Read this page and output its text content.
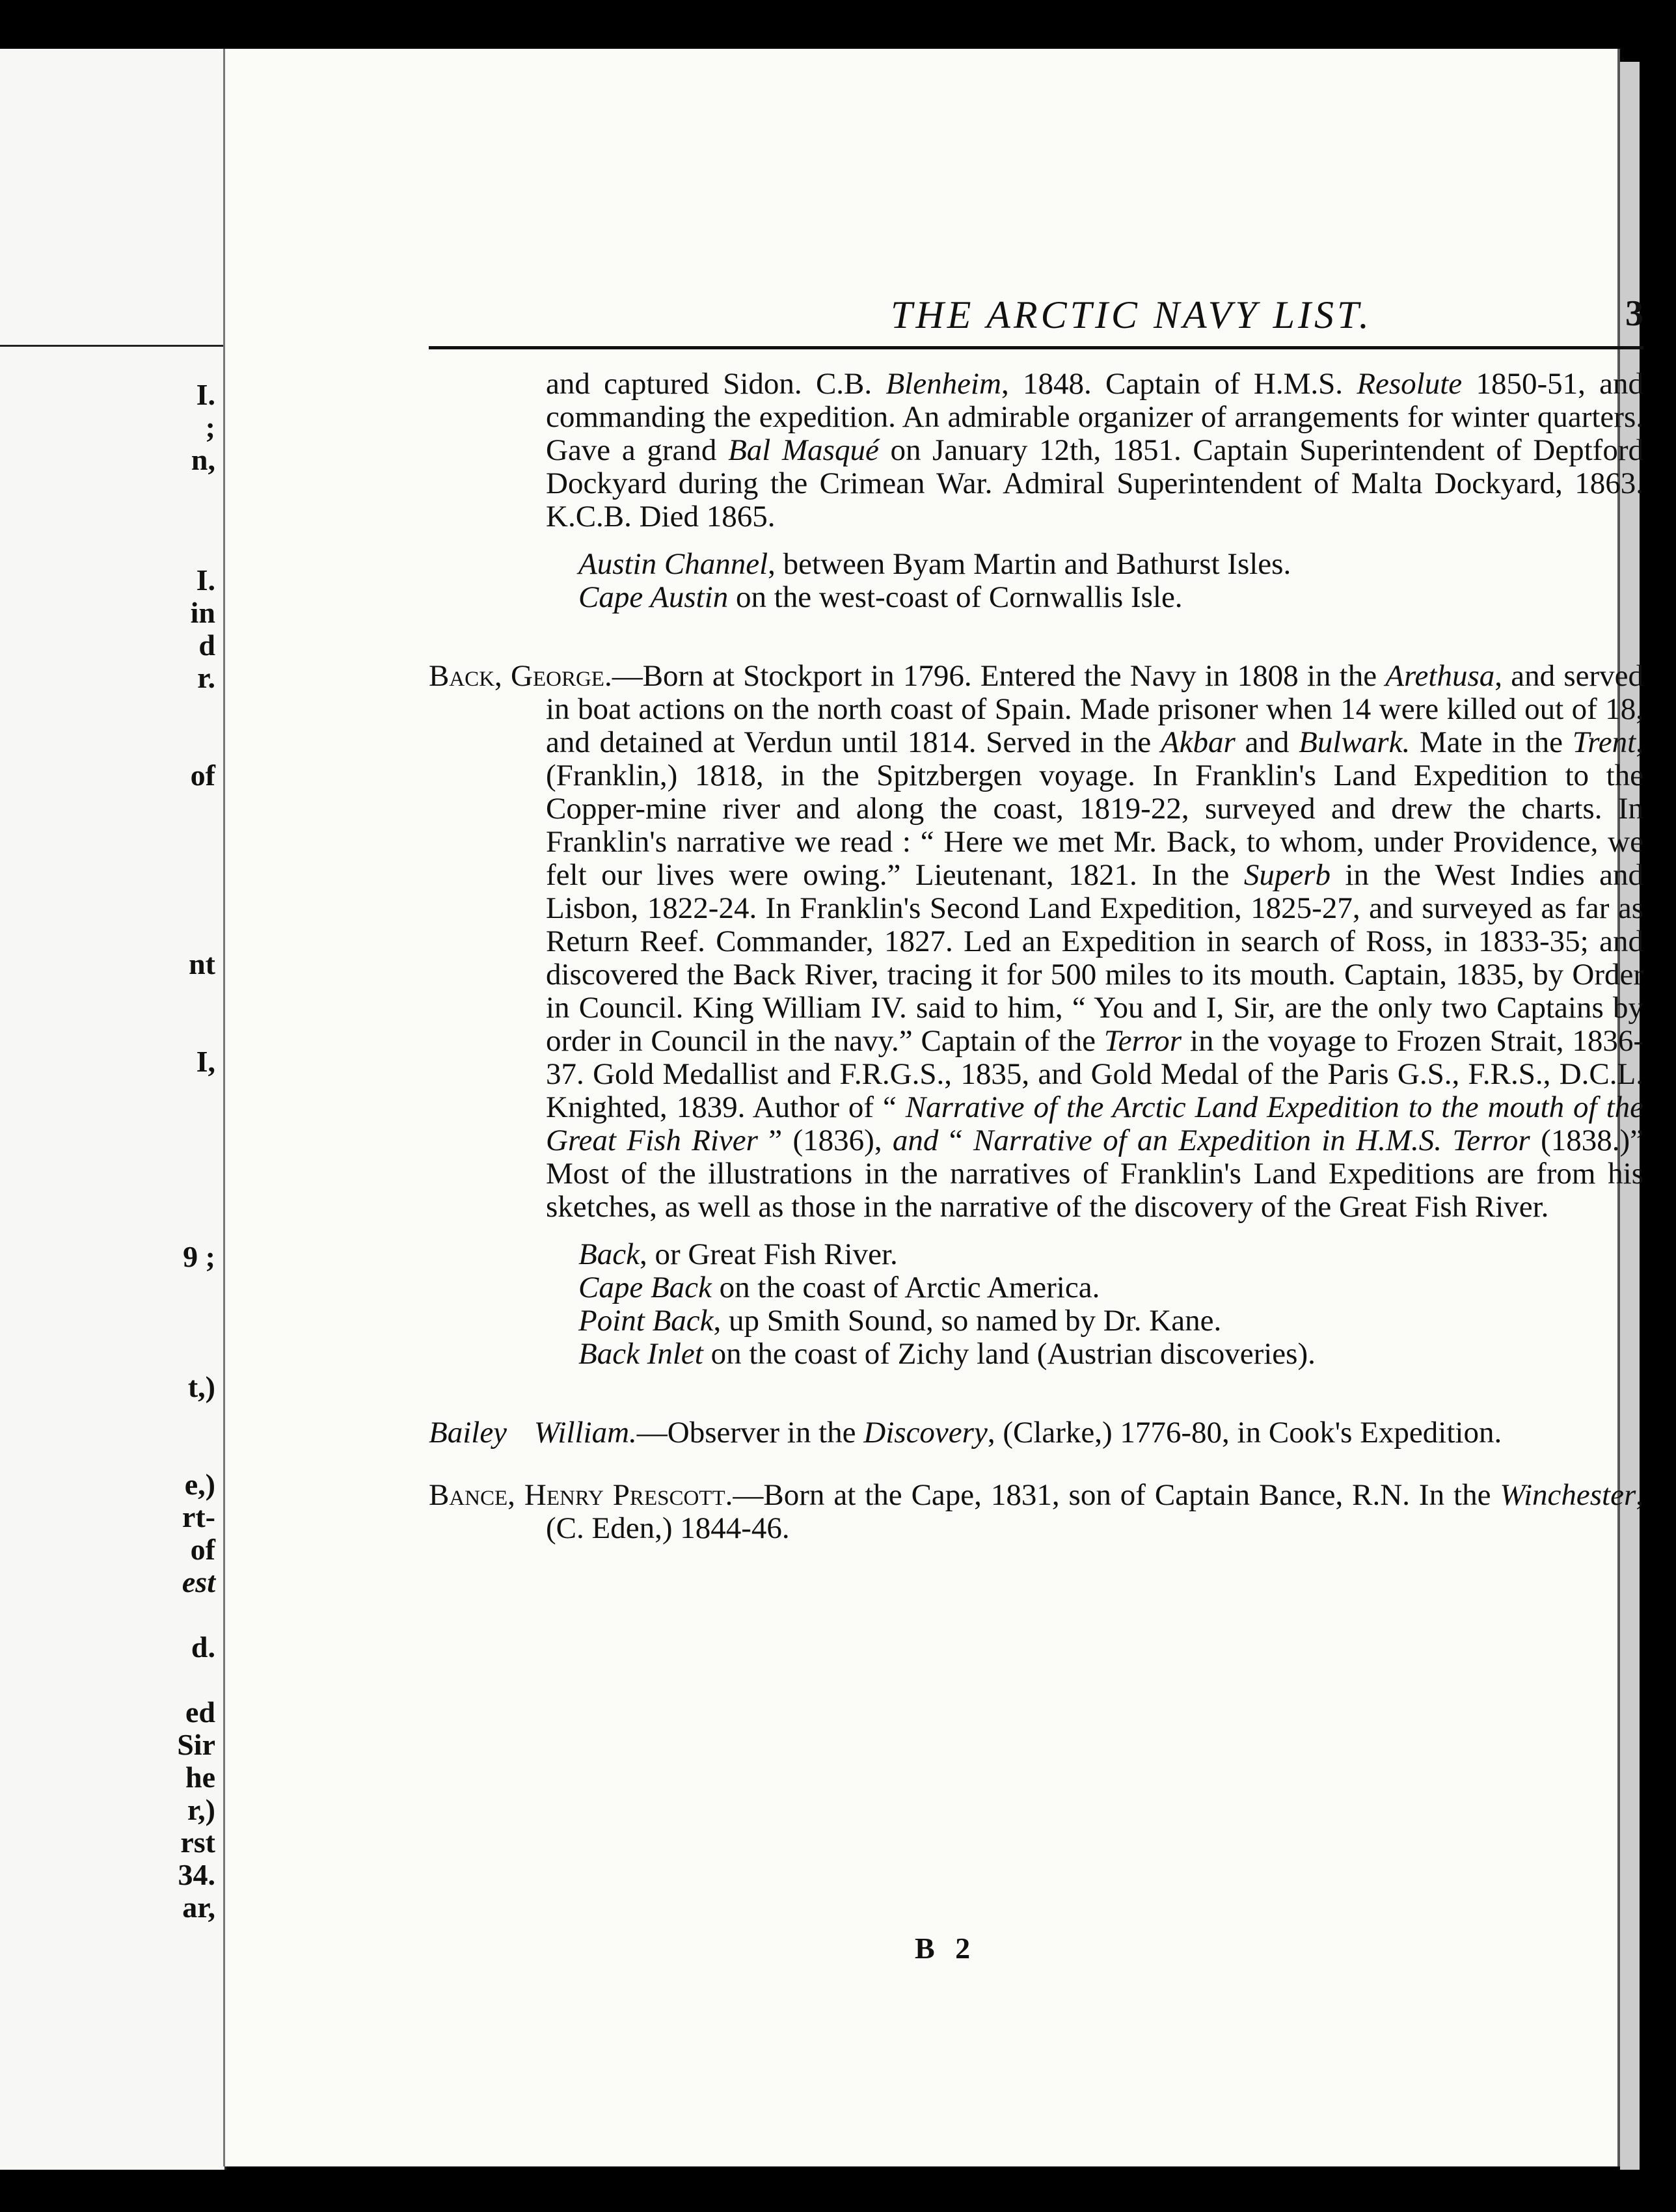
I.
;
n,
I.
in
d
r.
of
nt
I,
9 ;
t,)
e,)
rt-
of
est
d.
ed
Sir
he
r,)
rst
34.
ar,
THE ARCTIC NAVY LIST.	3

and captured Sidon. C.B. Blenheim, 1848. Captain of H.M.S. Resolute 1850-51, and commanding the expedition. An admirable organizer of arrangements for winter quarters. Gave a grand Bal Masqué on January 12th, 1851. Captain Superintendent of Deptford Dockyard during the Crimean War. Admiral Superintendent of Malta Dockyard, 1863. K.C.B. Died 1865.

Austin Channel, between Byam Martin and Bathurst Isles.
Cape Austin on the west-coast of Cornwallis Isle.

Back, George.—Born at Stockport in 1796. Entered the Navy in 1808 in the Arethusa, and served in boat actions on the north coast of Spain. Made prisoner when 14 were killed out of 18, and detained at Verdun until 1814. Served in the Akbar and Bulwark. Mate in the Trent, (Franklin,) 1818, in the Spitzbergen voyage. In Franklin's Land Expedition to the Copper-mine river and along the coast, 1819-22, surveyed and drew the charts. In Franklin's narrative we read : “ Here we met Mr. Back, to whom, under Providence, we felt our lives were owing.” Lieutenant, 1821. In the Superb in the West Indies and Lisbon, 1822-24. In Franklin's Second Land Expedition, 1825-27, and surveyed as far as Return Reef. Commander, 1827. Led an Expedition in search of Ross, in 1833-35; and discovered the Back River, tracing it for 500 miles to its mouth. Captain, 1835, by Order in Council. King William IV. said to him, “ You and I, Sir, are the only two Captains by order in Council in the navy.” Captain of the Terror in the voyage to Frozen Strait, 1836-37. Gold Medallist and F.R.G.S., 1835, and Gold Medal of the Paris G.S., F.R.S., D.C.L. Knighted, 1839. Author of “ Narrative of the Arctic Land Expedition to the mouth of the Great Fish River ” (1836), and “ Narrative of an Expedition in H.M.S. Terror (1838.)” Most of the illustrations in the narratives of Franklin's Land Expeditions are from his sketches, as well as those in the narrative of the discovery of the Great Fish River.

Back, or Great Fish River.
Cape Back on the coast of Arctic America.
Point Back, up Smith Sound, so named by Dr. Kane.
Back Inlet on the coast of Zichy land (Austrian discoveries).

Bailey William.—Observer in the Discovery, (Clarke,) 1776-80, in Cook's Expedition.

Bance, Henry Prescott.—Born at the Cape, 1831, son of Captain Bance, R.N. In the Winchester, (C. Eden,) 1844-46.

B 2
